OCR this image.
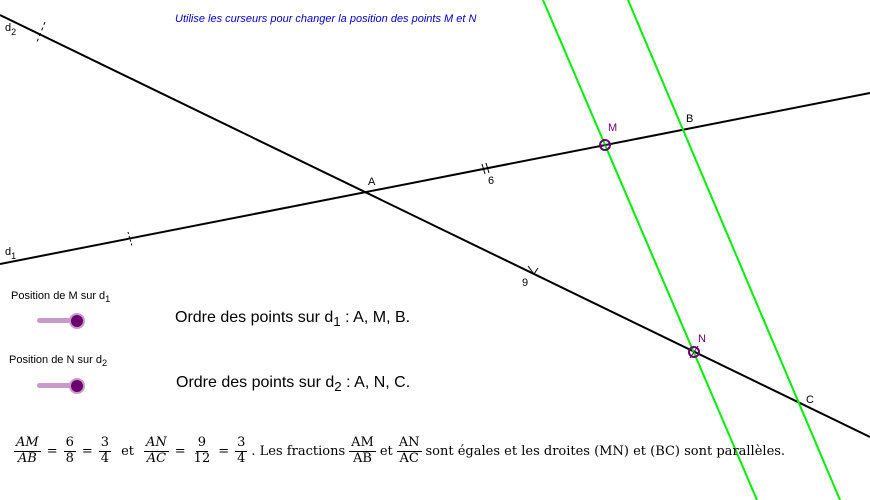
$d_2$
$d_1$
A
B
C
M
N
6
9
Utilise les curseurs pour changer la position des points M et N
Position de M sur $d_1$
Position de N sur $d_2$
Ordre des points sur $d_1$ : A, M, B.
Ordre des points sur $d_2$ : A, N, C.
$\frac{AM}{AB} = \frac{6}{8} = \frac{3}{4}$ et $\frac{AN}{AC} = \frac{9}{12} = \frac{3}{4}$ . Les fractions $\frac{AM}{AB}$ et $\frac{AN}{AC}$ sont égales et les droites (MN) et (BC) sont parallèles.
